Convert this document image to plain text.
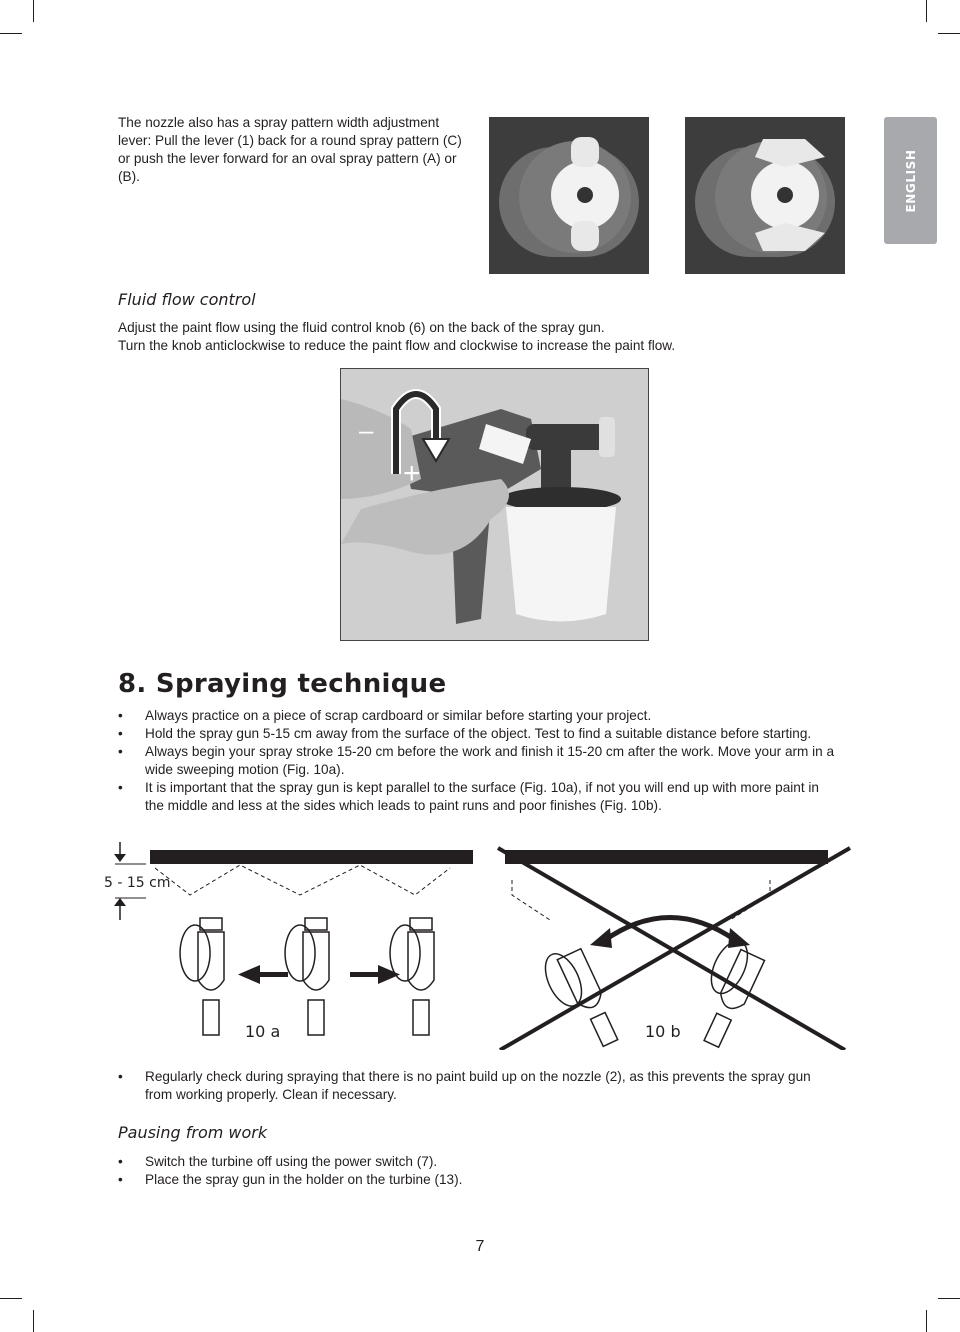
The nozzle also has a spray pattern width adjustment lever: Pull the lever (1) back for a round spray pattern (C) or push the lever forward for an oval spray pattern (A) or (B).	ENGLISH
Fluid flow control
Adjust the paint flow using the fluid control knob (6) on the back of the spray gun.
Turn the knob anticlockwise to reduce the paint flow and clockwise to increase the paint flow.
–
+
8. Spraying technique
• Always practice on a piece of scrap cardboard or similar before starting your project.
• Hold the spray gun 5-15 cm away from the surface of the object. Test to find a suitable distance before starting.
• Always begin your spray stroke 15-20 cm before the work and finish it 15-20 cm after the work. Move your arm in a wide sweeping motion (Fig. 10a).
• It is important that the spray gun is kept parallel to the surface (Fig. 10a), if not you will end up with more paint in the middle and less at the sides which leads to paint runs and poor finishes (Fig. 10b).
5 - 15 cm
10 a	10 b
• Regularly check during spraying that there is no paint build up on the nozzle (2), as this prevents the spray gun from working properly. Clean if necessary.
Pausing from work
• Switch the turbine off using the power switch (7).
• Place the spray gun in the holder on the turbine (13).
7
